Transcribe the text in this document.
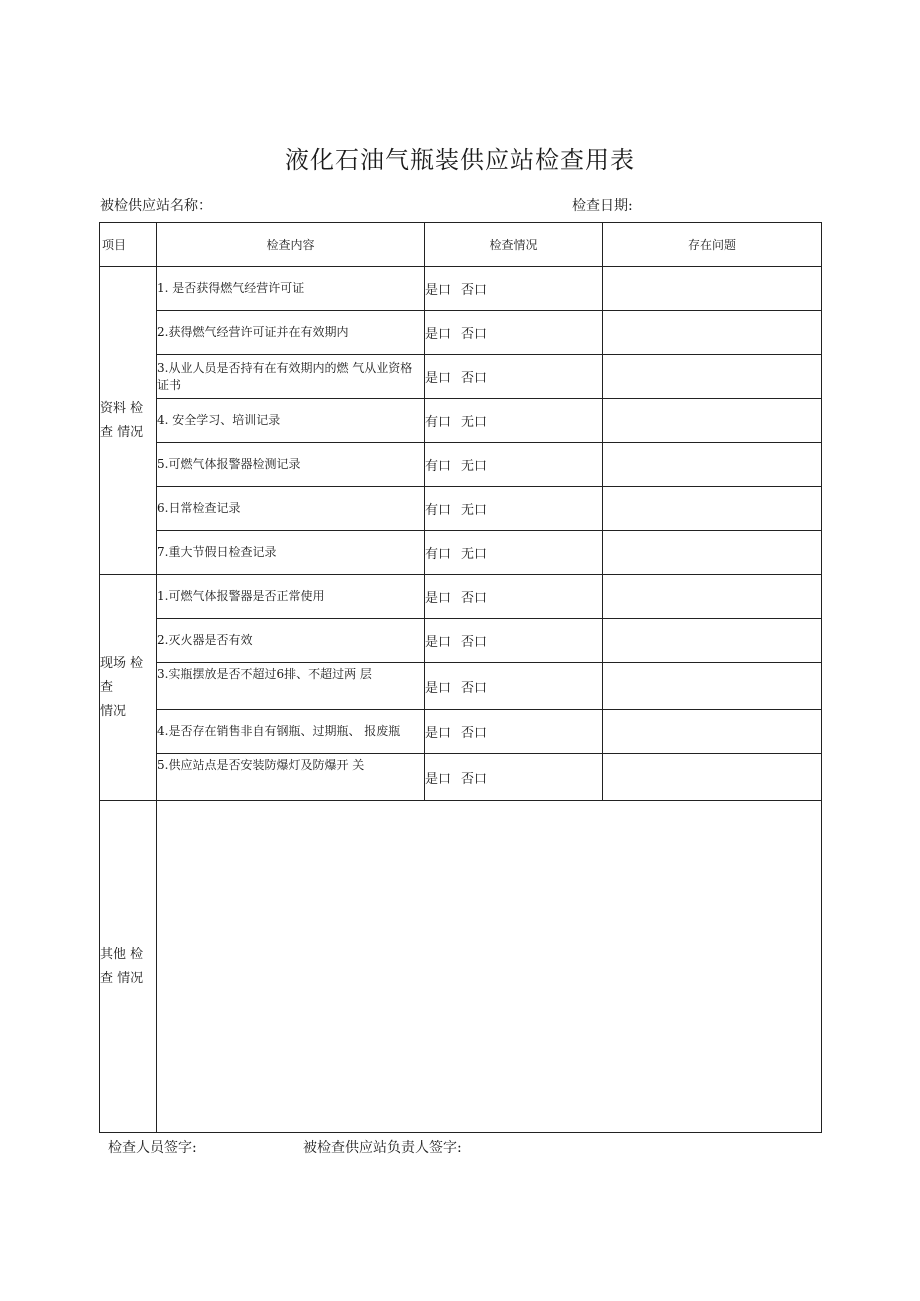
液化石油气瓶装供应站检查用表
被检供应站名称：	检查日期:
项目	检查内容	检查情况	存在问题

资料 检
查 情况	1. 是否获得燃气经营许可证	是口 否口	
	2.获得燃气经营许可证并在有效期内	是口 否口	
	3.从业人员是否持有在有效期内的燃 气从业资格证书	是口 否口	
	4. 安全学习、培训记录	有口 无口	
	5.可燃气体报警器检测记录	有口 无口	
	6.日常检查记录	有口 无口	
	7.重大节假日检查记录	有口 无口	

现场 检
查
情况	1.可燃气体报警器是否正常使用	是口 否口	
	2.灭火器是否有效	是口 否口	
	3.实瓶摆放是否不超过6排、不超过两 层	是口 否口	
	4.是否存在销售非自有钢瓶、过期瓶、 报废瓶	是口 否口	
	5.供应站点是否安装防爆灯及防爆开 关	是口 否口	

其他 检
查 情况			

检查人员签字:	被检查供应站负责人签字:
